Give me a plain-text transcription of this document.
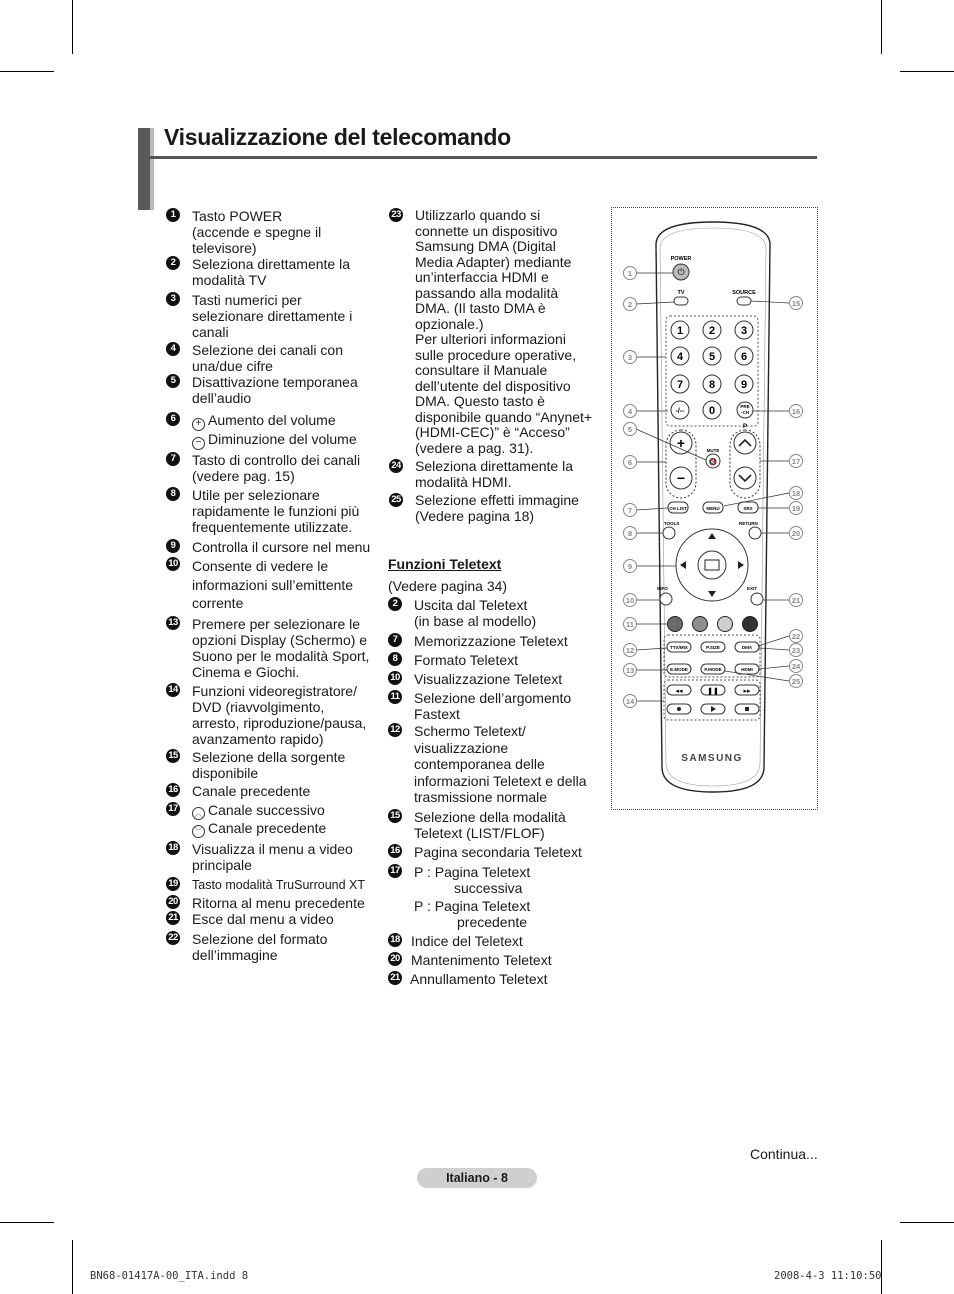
Visualizzazione del telecomando
1	Tasto POWER
(accende e spegne il
televisore)
2	Seleziona direttamente la
modalità TV
3	Tasti numerici per
selezionare direttamente i
canali
4	Selezione dei canali con
una/due cifre
5	Disattivazione temporanea
dell’audio
6	+ Aumento del volume
− Diminuzione del volume
7	Tasto di controllo dei canali
(vedere pag. 15)
8	Utile per selezionare
rapidamente le funzioni più
frequentemente utilizzate.
9	Controlla il cursore nel menu
10 Consente di vedere le
informazioni sull’emittente
corrente
13 Premere per selezionare le
opzioni Display (Schermo) e
Suono per le modalità Sport,
Cinema e Giochi.
14 Funzioni videoregistratore/
DVD (riavvolgimento,
arresto, riproduzione/pausa,
avanzamento rapido)
15 Selezione della sorgente
disponibile
16 Canale precedente
17	︿ Canale successivo
﹀ Canale precedente
18 Visualizza il menu a video
principale
19 Tasto modalità TruSurround XT
20 Ritorna al menu precedente
21 Esce dal menu a video
22 Selezione del formato
dell’immagine
23 Utilizzarlo quando si
connette un dispositivo
Samsung DMA (Digital
Media Adapter) mediante
un’interfaccia HDMI e
passando alla modalità
DMA. (Il tasto DMA è
opzionale.)
Per ulteriori informazioni
sulle procedure operative,
consultare il Manuale
dell’utente del dispositivo
DMA. Questo tasto è
disponibile quando “Anynet+
(HDMI-CEC)” è “Acceso”
(vedere a pag. 31).
24 Seleziona direttamente la
modalità HDMI.
25 Selezione effetti immagine
(Vedere pagina 18)
Funzioni Teletext
(Vedere pagina 34)
2	Uscita dal Teletext
(in base al modello)
7	Memorizzazione Teletext
8	Formato Teletext
10 Visualizzazione Teletext
11 Selezione dell’argomento
Fastext
12 Schermo Teletext/
visualizzazione
contemporanea delle
informazioni Teletext e della
trasmissione normale
15 Selezione della modalità
Teletext (LIST/FLOF)
16 Pagina secondaria Teletext
17 P : Pagina Teletext
successiva
P : Pagina Teletext
precedente
18 Indice del Teletext
20 Mantenimento Teletext
21 Annullamento Teletext
POWER
⏻
TV	SOURCE
1 2 3
4 5 6
7 8 9
0
-/--
PRE
-CH
+
−
MUTE
🔇
P
CH LIST	MENU	SRS
TOOLS	RETURN
INFO	EXIT
TTX/MIX	P.SIZE	DMA
E.MODE	P.MODE	HDMI
◂◂	❚❚	▸▸
SAMSUNG
1
2
3
4
5
6
7
8
9
10
11
12
13
14
15
16
17
18
19
20
21
22
23
24
25
Continua...
Italiano - 8
BN68-01417A-00_ITA.indd 8	2008-4-3 11:10:50
